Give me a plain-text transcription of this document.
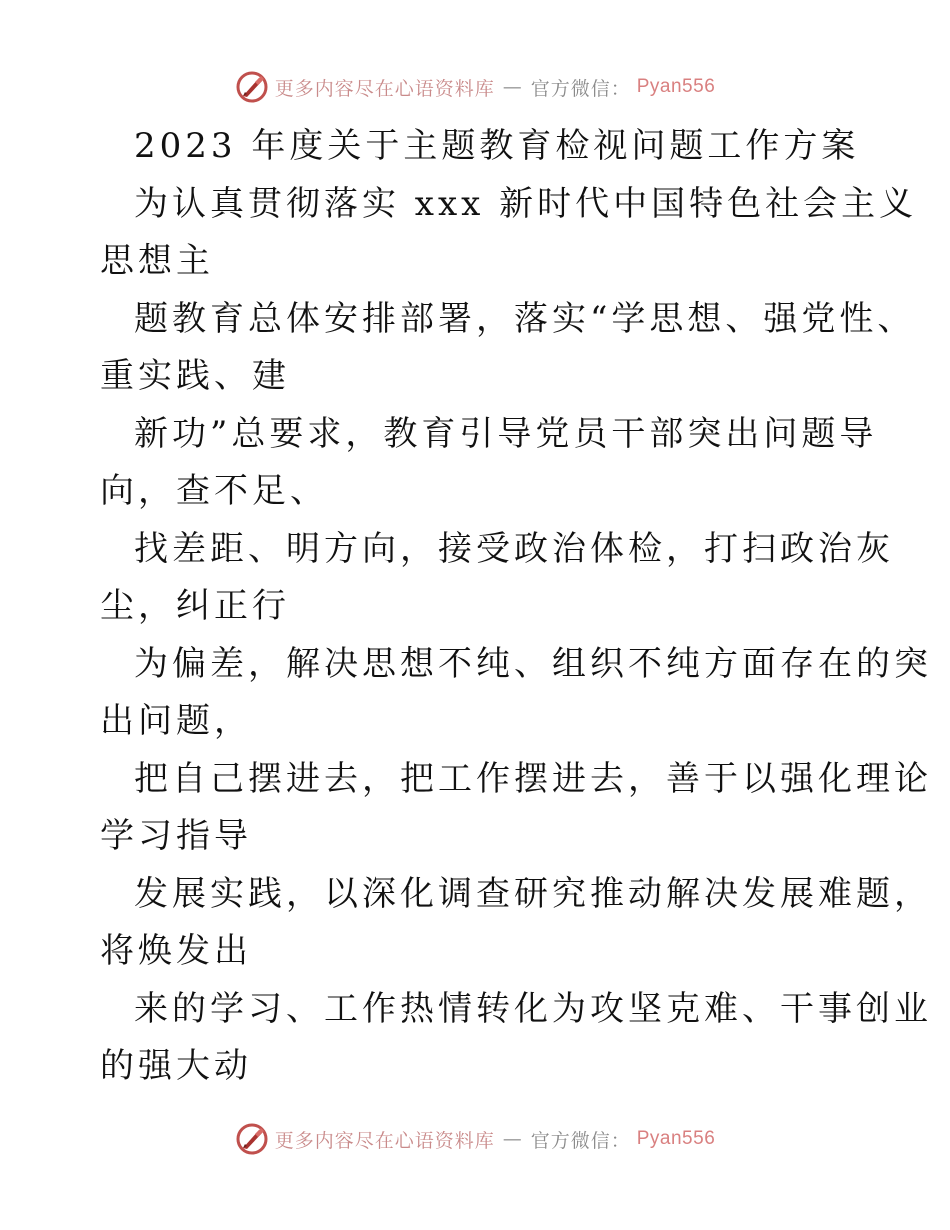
更多内容尽在心语资料库 — 官方微信： Pyan556
2023 年度关于主题教育检视问题工作方案
为认真贯彻落实 xxx 新时代中国特色社会主义
思想主
题教育总体安排部署，落实“学思想、强党性、
重实践、建
新功”总要求，教育引导党员干部突出问题导
向，查不足、
找差距、明方向，接受政治体检，打扫政治灰
尘，纠正行
为偏差，解决思想不纯、组织不纯方面存在的突
出问题，
把自己摆进去，把工作摆进去，善于以强化理论
学习指导
发展实践，以深化调查研究推动解决发展难题，
将焕发出
来的学习、工作热情转化为攻坚克难、干事创业
的强大动
更多内容尽在心语资料库 — 官方微信： Pyan556
